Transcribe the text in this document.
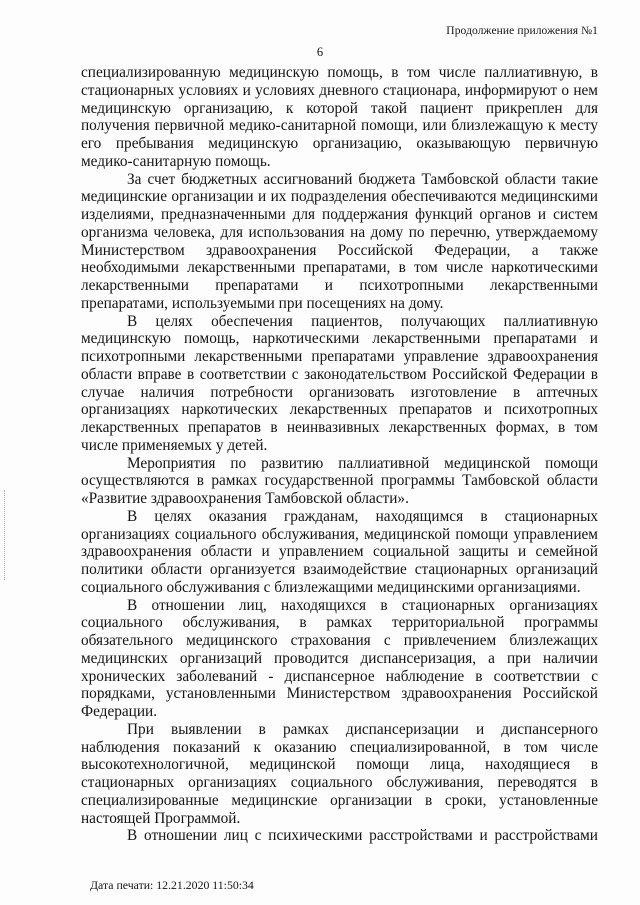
Продолжение приложения №1
6

специализированную медицинскую помощь, в том числе паллиативную, в стационарных условиях и условиях дневного стационара, информируют о нем медицинскую организацию, к которой такой пациент прикреплен для получения первичной медико-санитарной помощи, или близлежащую к месту его пребывания медицинскую организацию, оказывающую первичную медико-санитарную помощь.

За счет бюджетных ассигнований бюджета Тамбовской области такие медицинские организации и их подразделения обеспечиваются медицинскими изделиями, предназначенными для поддержания функций органов и систем организма человека, для использования на дому по перечню, утверждаемому Министерством здравоохранения Российской Федерации, а также необходимыми лекарственными препаратами, в том числе наркотическими лекарственными препаратами и психотропными лекарственными препаратами, используемыми при посещениях на дому.

В целях обеспечения пациентов, получающих паллиативную медицинскую помощь, наркотическими лекарственными препаратами и психотропными лекарственными препаратами управление здравоохранения области вправе в соответствии с законодательством Российской Федерации в случае наличия потребности организовать изготовление в аптечных организациях наркотических лекарственных препаратов и психотропных лекарственных препаратов в неинвазивных лекарственных формах, в том числе применяемых у детей.

Мероприятия по развитию паллиативной медицинской помощи осуществляются в рамках государственной программы Тамбовской области «Развитие здравоохранения Тамбовской области».

В целях оказания гражданам, находящимся в стационарных организациях социального обслуживания, медицинской помощи управлением здравоохранения области и управлением социальной защиты и семейной политики области организуется взаимодействие стационарных организаций социального обслуживания с близлежащими медицинскими организациями.

В отношении лиц, находящихся в стационарных организациях социального обслуживания, в рамках территориальной программы обязательного медицинского страхования с привлечением близлежащих медицинских организаций проводится диспансеризация, а при наличии хронических заболеваний - диспансерное наблюдение в соответствии с порядками, установленными Министерством здравоохранения Российской Федерации.

При выявлении в рамках диспансеризации и диспансерного наблюдения показаний к оказанию специализированной, в том числе высокотехнологичной, медицинской помощи лица, находящиеся в стационарных организациях социального обслуживания, переводятся в специализированные медицинские организации в сроки, установленные настоящей Программой.

В отношении лиц с психическими расстройствами и расстройствами

Дата печати: 12.21.2020 11:50:34
